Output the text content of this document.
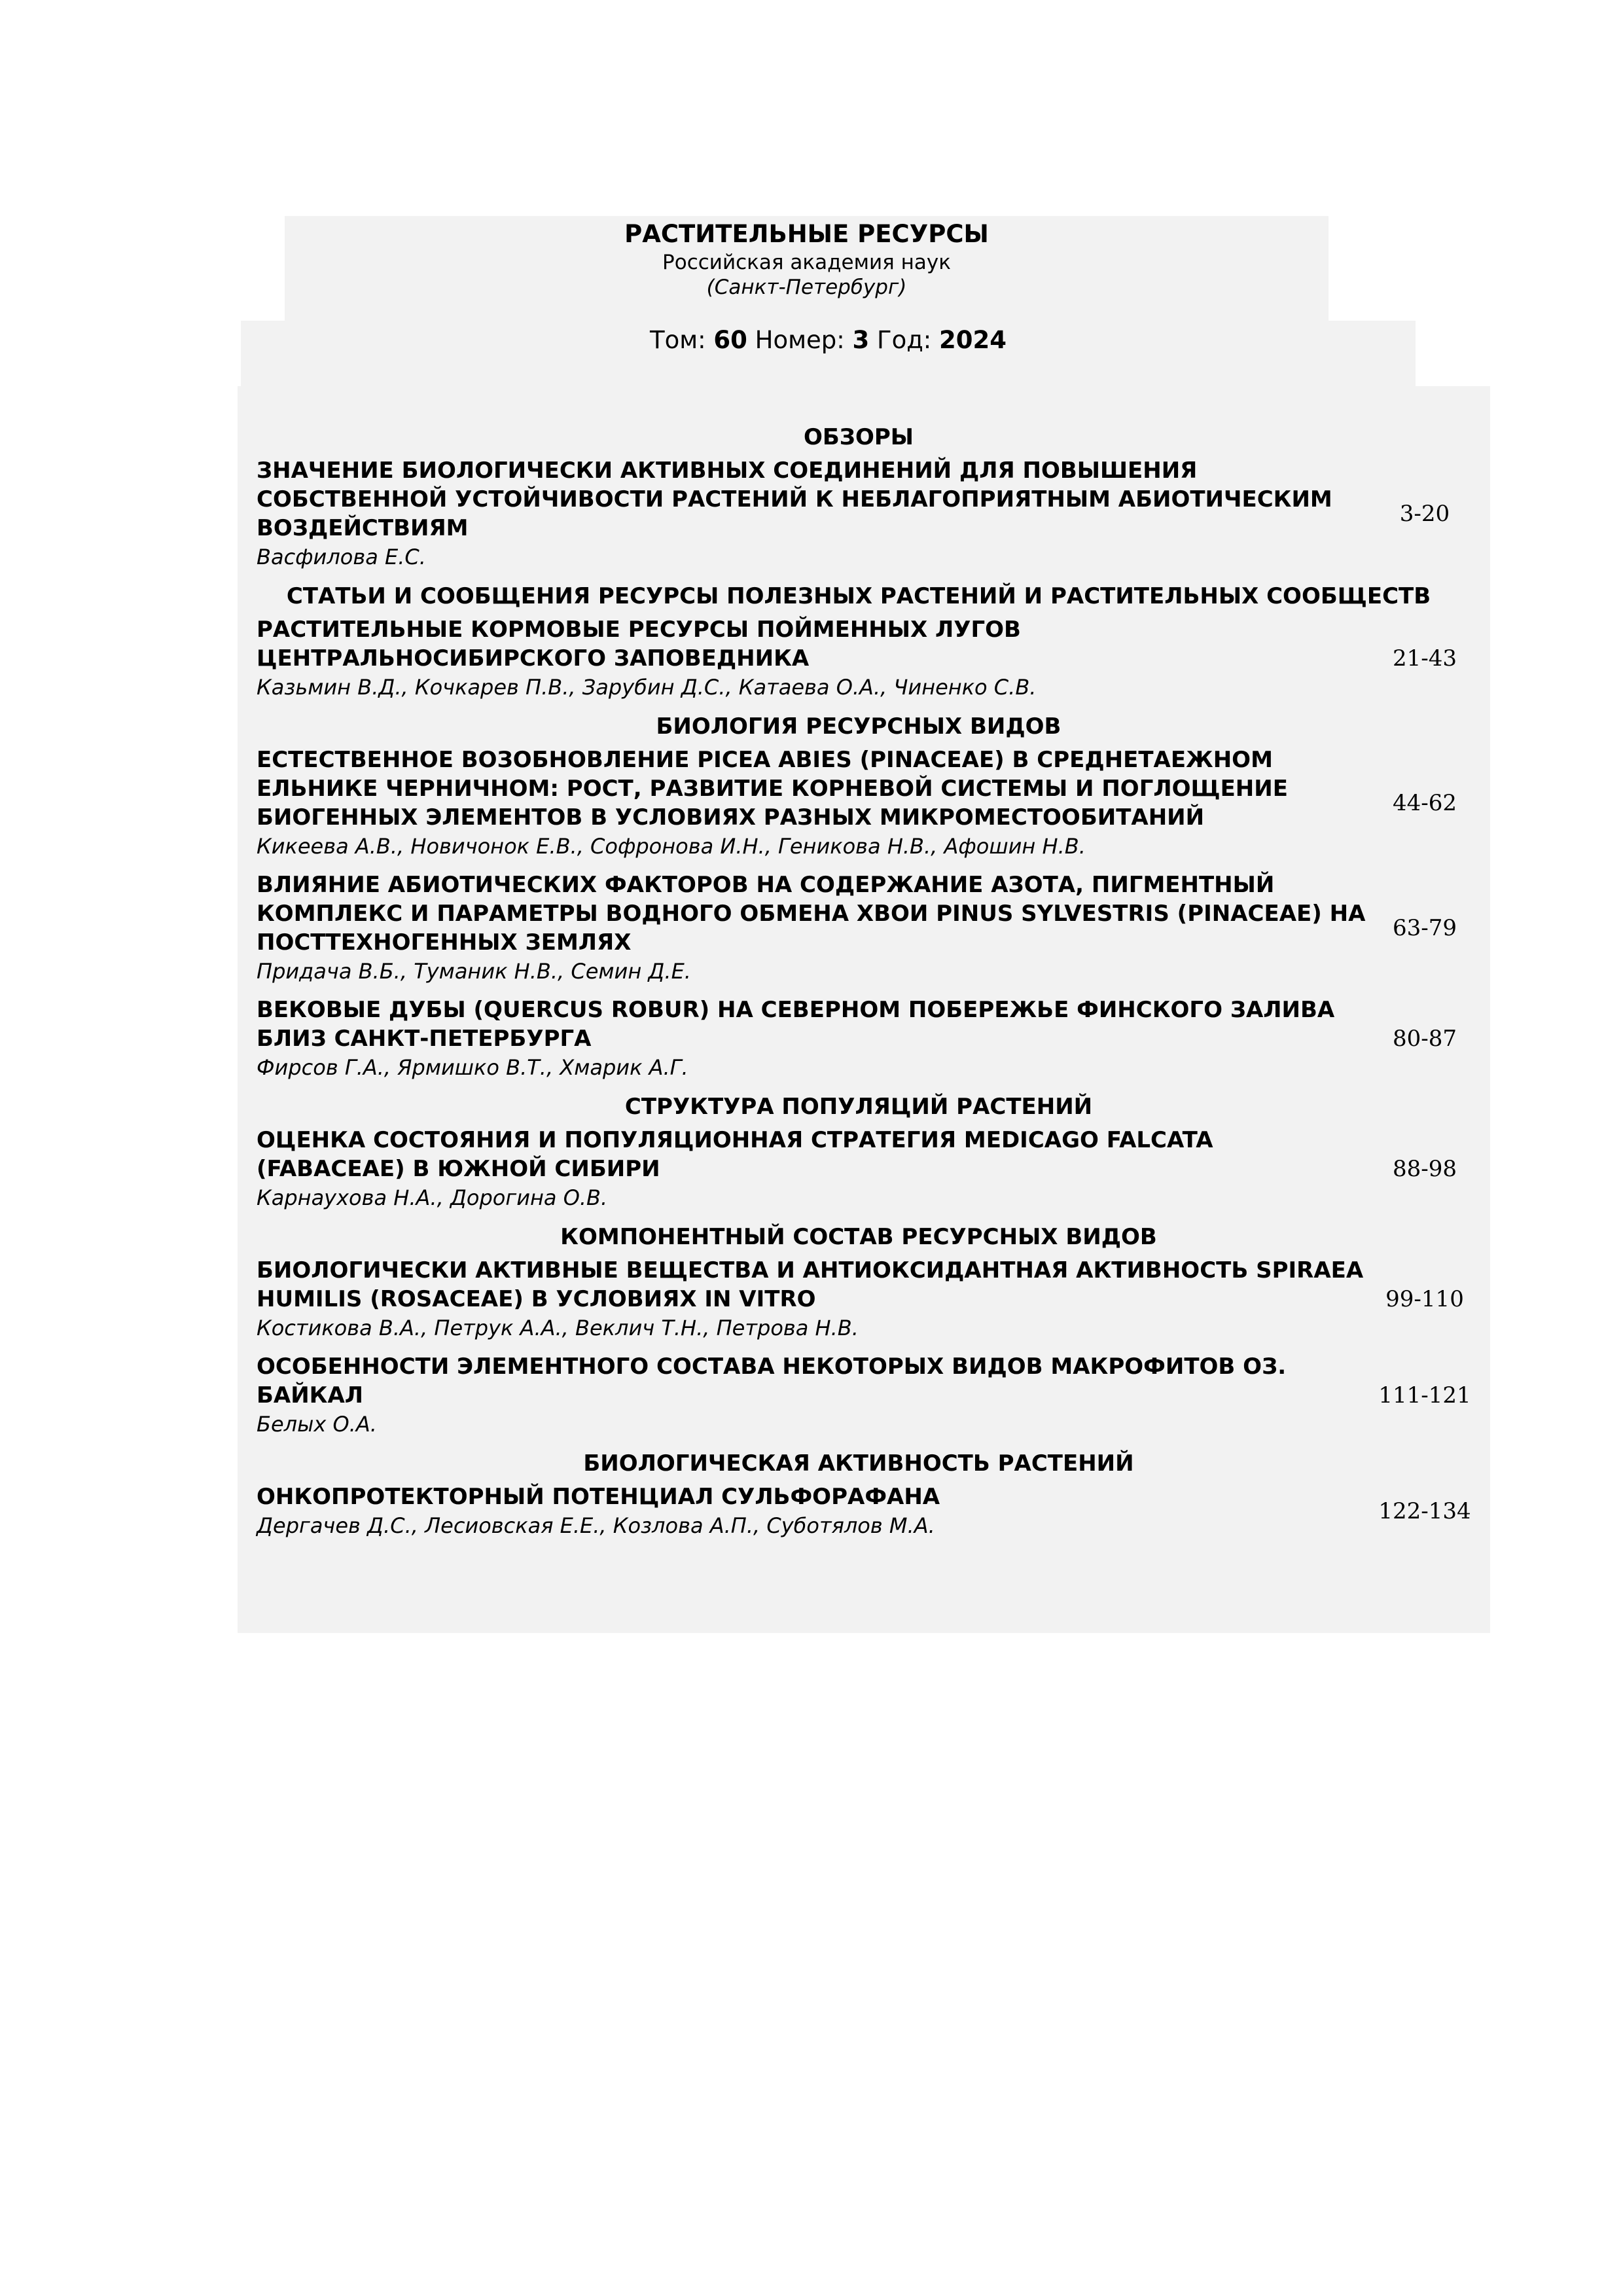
РАСТИТЕЛЬНЫЕ РЕСУРСЫ
Российская академия наук
(Санкт-Петербург)
Том: 60 Номер: 3 Год: 2024
ОБЗОРЫ
ЗНАЧЕНИЕ БИОЛОГИЧЕСКИ АКТИВНЫХ СОЕДИНЕНИЙ ДЛЯ ПОВЫШЕНИЯ СОБСТВЕННОЙ УСТОЙЧИВОСТИ РАСТЕНИЙ К НЕБЛАГОПРИЯТНЫМ АБИОТИЧЕСКИМ ВОЗДЕЙСТВИЯМ
Васфилова Е.С.
3-20
СТАТЬИ И СООБЩЕНИЯ РЕСУРСЫ ПОЛЕЗНЫХ РАСТЕНИЙ И РАСТИТЕЛЬНЫХ СООБЩЕСТВ
РАСТИТЕЛЬНЫЕ КОРМОВЫЕ РЕСУРСЫ ПОЙМЕННЫХ ЛУГОВ ЦЕНТРАЛЬНОСИБИРСКОГО ЗАПОВЕДНИКА
Казьмин В.Д., Кочкарев П.В., Зарубин Д.С., Катаева О.А., Чиненко С.В.
21-43
БИОЛОГИЯ РЕСУРСНЫХ ВИДОВ
ЕСТЕСТВЕННОЕ ВОЗОБНОВЛЕНИЕ PICEA ABIES (PINACEAE) В СРЕДНЕТАЕЖНОМ ЕЛЬНИКЕ ЧЕРНИЧНОМ: РОСТ, РАЗВИТИЕ КОРНЕВОЙ СИСТЕМЫ И ПОГЛОЩЕНИЕ БИОГЕННЫХ ЭЛЕМЕНТОВ В УСЛОВИЯХ РАЗНЫХ МИКРОМЕСТООБИТАНИЙ
Кикеева А.В., Новичонок Е.В., Софронова И.Н., Геникова Н.В., Афошин Н.В.
44-62
ВЛИЯНИЕ АБИОТИЧЕСКИХ ФАКТОРОВ НА СОДЕРЖАНИЕ АЗОТА, ПИГМЕНТНЫЙ КОМПЛЕКС И ПАРАМЕТРЫ ВОДНОГО ОБМЕНА ХВОИ PINUS SYLVESTRIS (PINACEAE) НА ПОСТТЕХНОГЕННЫХ ЗЕМЛЯХ
Придача В.Б., Туманик Н.В., Семин Д.Е.
63-79
ВЕКОВЫЕ ДУБЫ (QUERCUS ROBUR) НА СЕВЕРНОМ ПОБЕРЕЖЬЕ ФИНСКОГО ЗАЛИВА БЛИЗ САНКТ-ПЕТЕРБУРГА
Фирсов Г.А., Ярмишко В.Т., Хмарик А.Г.
80-87
СТРУКТУРА ПОПУЛЯЦИЙ РАСТЕНИЙ
ОЦЕНКА СОСТОЯНИЯ И ПОПУЛЯЦИОННАЯ СТРАТЕГИЯ MEDICAGO FALCATA (FABACEAE) В ЮЖНОЙ СИБИРИ
Карнаухова Н.А., Дорогина О.В.
88-98
КОМПОНЕНТНЫЙ СОСТАВ РЕСУРСНЫХ ВИДОВ
БИОЛОГИЧЕСКИ АКТИВНЫЕ ВЕЩЕСТВА И АНТИОКСИДАНТНАЯ АКТИВНОСТЬ SPIRAEA HUMILIS (ROSACEAE) В УСЛОВИЯХ IN VITRO
Костикова В.А., Петрук А.А., Веклич Т.Н., Петрова Н.В.
99-110
ОСОБЕННОСТИ ЭЛЕМЕНТНОГО СОСТАВА НЕКОТОРЫХ ВИДОВ МАКРОФИТОВ ОЗ. БАЙКАЛ
Белых О.А.
111-121
БИОЛОГИЧЕСКАЯ АКТИВНОСТЬ РАСТЕНИЙ
ОНКОПРОТЕКТОРНЫЙ ПОТЕНЦИАЛ СУЛЬФОРАФАНА
Дергачев Д.С., Лесиовская Е.Е., Козлова А.П., Суботялов М.А.
122-134
